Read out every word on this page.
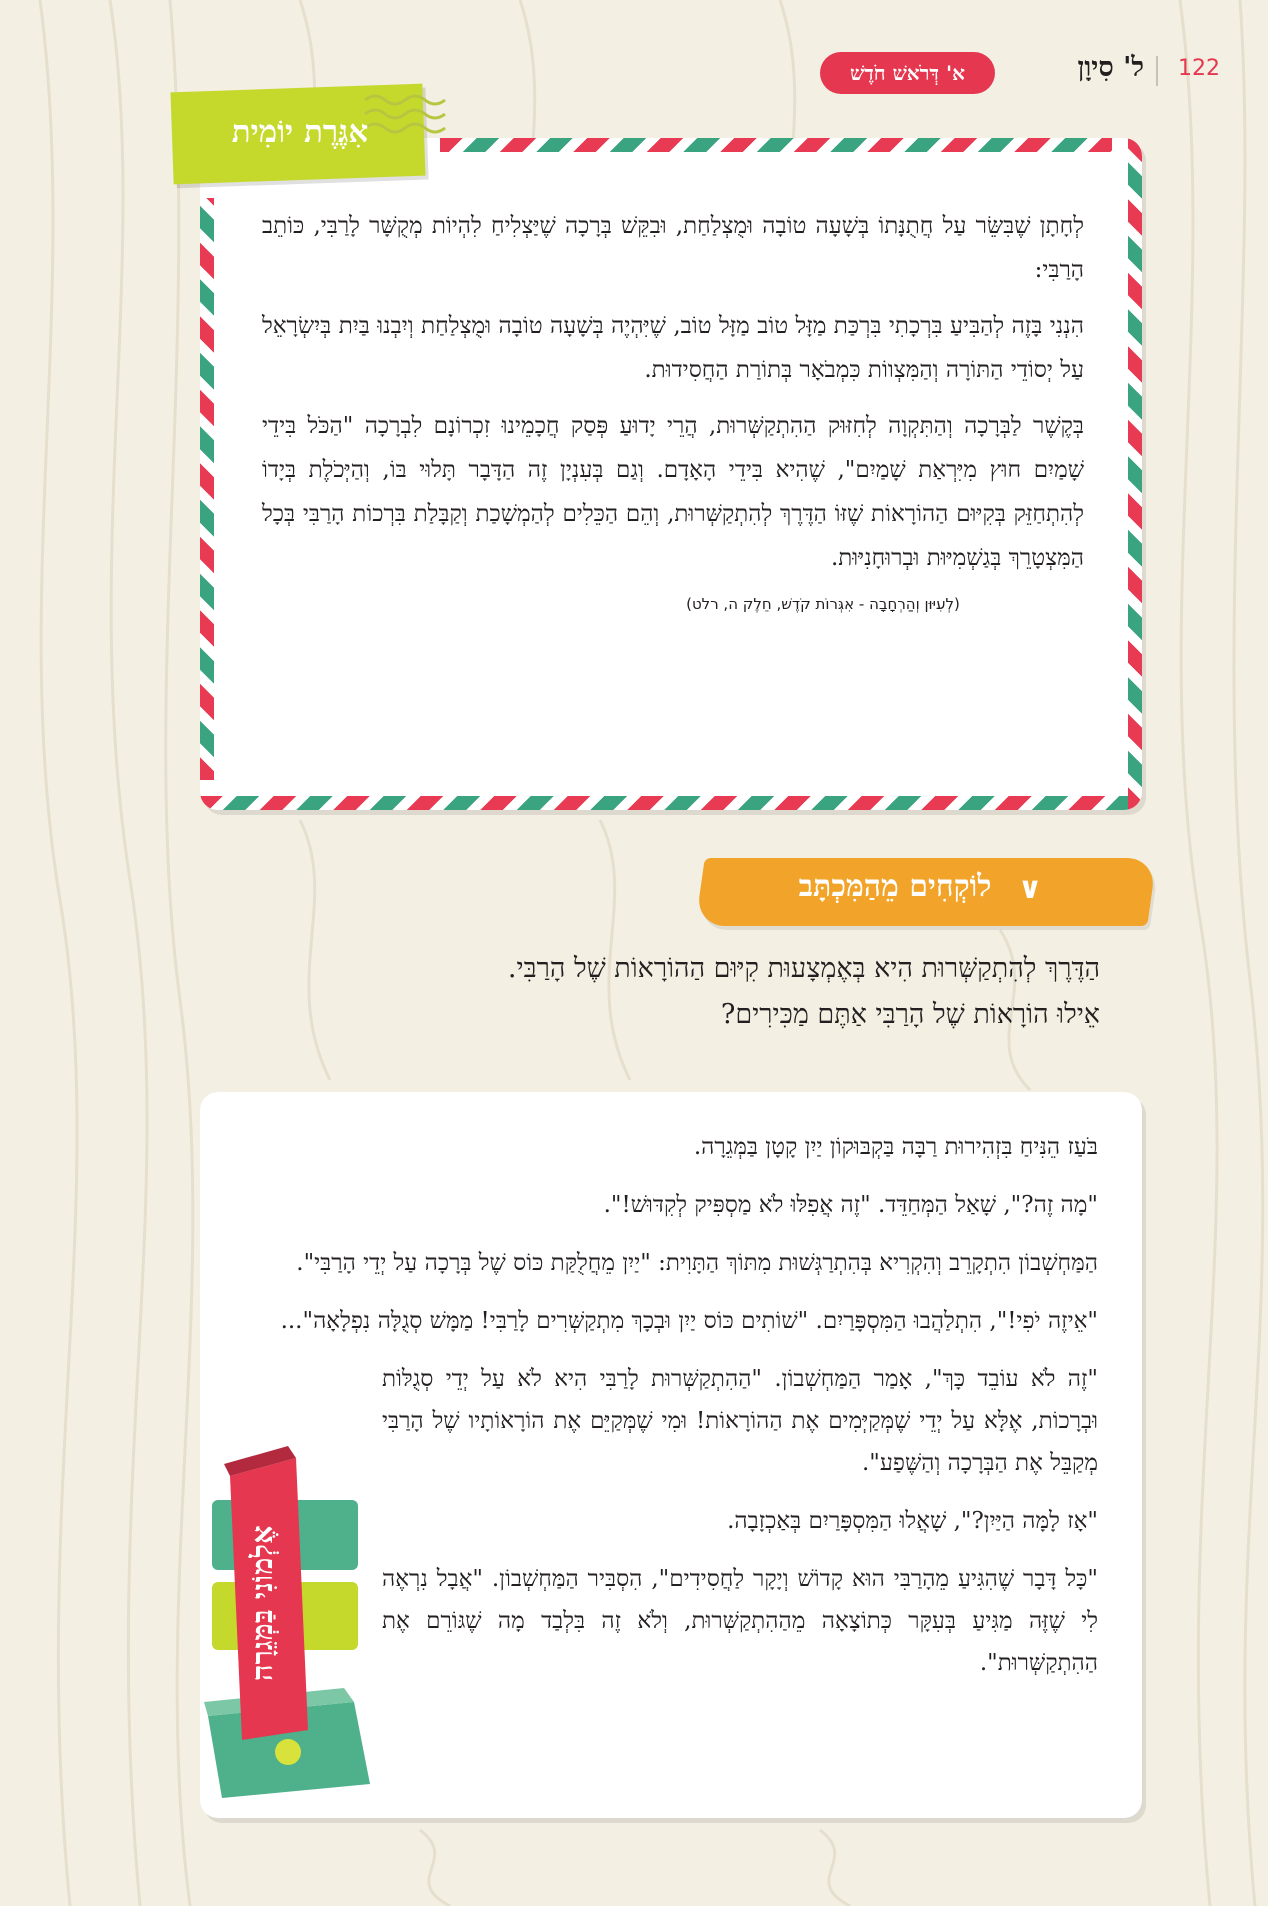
122
ל' סִיוָן
א' דְּרֹאשׁ חֹדֶשׁ
אִגֶּרֶת יוֹמִית

לְחָתָן שֶׁבִּשֵּׂר עַל חֲתֻנָּתוֹ בְּשָׁעָה טוֹבָה וּמֻצְלַחַת, וּבִקֵּשׁ בְּרָכָה שֶׁיַּצְלִיחַ לִהְיוֹת מְקֻשָּׁר לָרַבִּי, כּוֹתֵב הָרַבִּי:

הִנְנִי בָּזֶה לְהַבִּיעַ בִּרְכָתִי בִּרְכַּת מַזָּל טוֹב מַזָּל טוֹב, שֶׁיִּהְיֶה בְּשָׁעָה טוֹבָה וּמֻצְלַחַת וְיִבְנוּ בַּיִת בְּיִשְׂרָאֵל עַל יְסוֹדֵי הַתּוֹרָה וְהַמִּצְווֹת כִּמְבֹאָר בְּתוֹרַת הַחֲסִידוּת.

בְּקֶשֶׁר לַבְּרָכָה וְהַתִּקְוָה לְחִזּוּק הַהִתְקַשְּׁרוּת, הֲרֵי יָדוּעַ פְּסַק חֲכָמֵינוּ זִכְרוֹנָם לִבְרָכָה "הַכֹּל בִּידֵי שָׁמַיִם חוּץ מִיִּרְאַת שָׁמַיִם", שֶׁהִיא בִּידֵי הָאָדָם. וְגַם בְּעִנְיָן זֶה הַדָּבָר תָּלוּי בּוֹ, וְהַיְּכֹלֶת בְּיָדוֹ לְהִתְחַזֵּק בְּקִיּוּם הַהוֹרָאוֹת שֶׁזּוֹ הַדֶּרֶךְ לְהִתְקַשְּׁרוּת, וְהֵם הַכֵּלִים לְהַמְשָׁכַת וְקַבָּלַת בִּרְכוֹת הָרַבִּי בְּכָל הַמִּצְטָרֵךְ בְּגַשְׁמִיּוּת וּבְרוּחָנִיּוּת.

(לְעִיּוּן וְהַרְחָבָה - אִגְּרוֹת קֹדֶשׁ, חֵלֶק ה, רלט)
∨
לוֹקְחִים מֵהַמִּכְתָּב
הַדֶּרֶךְ לְהִתְקַשְּׁרוּת הִיא בְּאֶמְצָעוּת קִיּוּם הַהוֹרָאוֹת שֶׁל הָרַבִּי. אֵילוּ הוֹרָאוֹת שֶׁל הָרַבִּי אַתֶּם מַכִּירִים?

בֹּעַז הֵנִּיחַ בִּזְהִירוּת רַבָּה בַּקְבּוּקוֹן יַיִן קָטָן בַּמְּגֵרָה.

"מָה זֶה?", שָׁאַל הַמְּחַדֵּד. "זֶה אֲפִלּוּ לֹא מַסְפִּיק לְקִדּוּשׁ!".

הַמַּחְשְׁבוֹן הִתְקָרֵב וְהִקְרִיא בְּהִתְרַגְּשׁוּת מִתּוֹךְ הַתָּוִית: "יַיִן מֵחֲלֻקַּת כּוֹס שֶׁל בְּרָכָה עַל יְדֵי הָרַבִּי".

"אֵיזֶה יֹפִי!", הִתְלַהֲבוּ הַמִּסְפָּרַיִם. "שׁוֹתִים כּוֹס יַיִן וּבְכָךְ מִתְקַשְּׁרִים לָרַבִּי! מַמָּשׁ סְגֻלָּה נִפְלָאָה"...

"זֶה לֹא עוֹבֵד כָּךְ", אָמַר הַמַּחְשְׁבוֹן. "הַהִתְקַשְּׁרוּת לָרַבִּי הִיא לֹא עַל יְדֵי סְגֻלּוֹת וּבְרָכוֹת, אֶלָּא עַל יְדֵי שֶׁמְּקַיְּמִים אֶת הַהוֹרָאוֹת! וּמִי שֶׁמְּקַיֵּם אֶת הוֹרָאוֹתָיו שֶׁל הָרַבִּי מְקַבֵּל אֶת הַבְּרָכָה וְהַשֶּׁפַע".

"אָז לָמָּה הַיַּיִן?", שָׁאֲלוּ הַמִּסְפָּרַיִם בְּאַכְזָבָה.

"כָּל דָּבָר שֶׁהִגִּיעַ מֵהָרַבִּי הוּא קָדוֹשׁ וְיָקָר לַחֲסִידִים", הִסְבִּיר הַמַּחְשְׁבוֹן. "אֲבָל נִרְאֶה לִי שֶׁזֶּה מַגִּיעַ בְּעִקָּר כְּתוֹצָאָה מֵהַהִתְקַשְּׁרוּת, וְלֹא זֶה בִּלְבַד מָה שֶׁגּוֹרֵם אֶת הַהִתְקַשְּׁרוּת".

אֶלְמוֹנִי בַּמְּגֵרָה
